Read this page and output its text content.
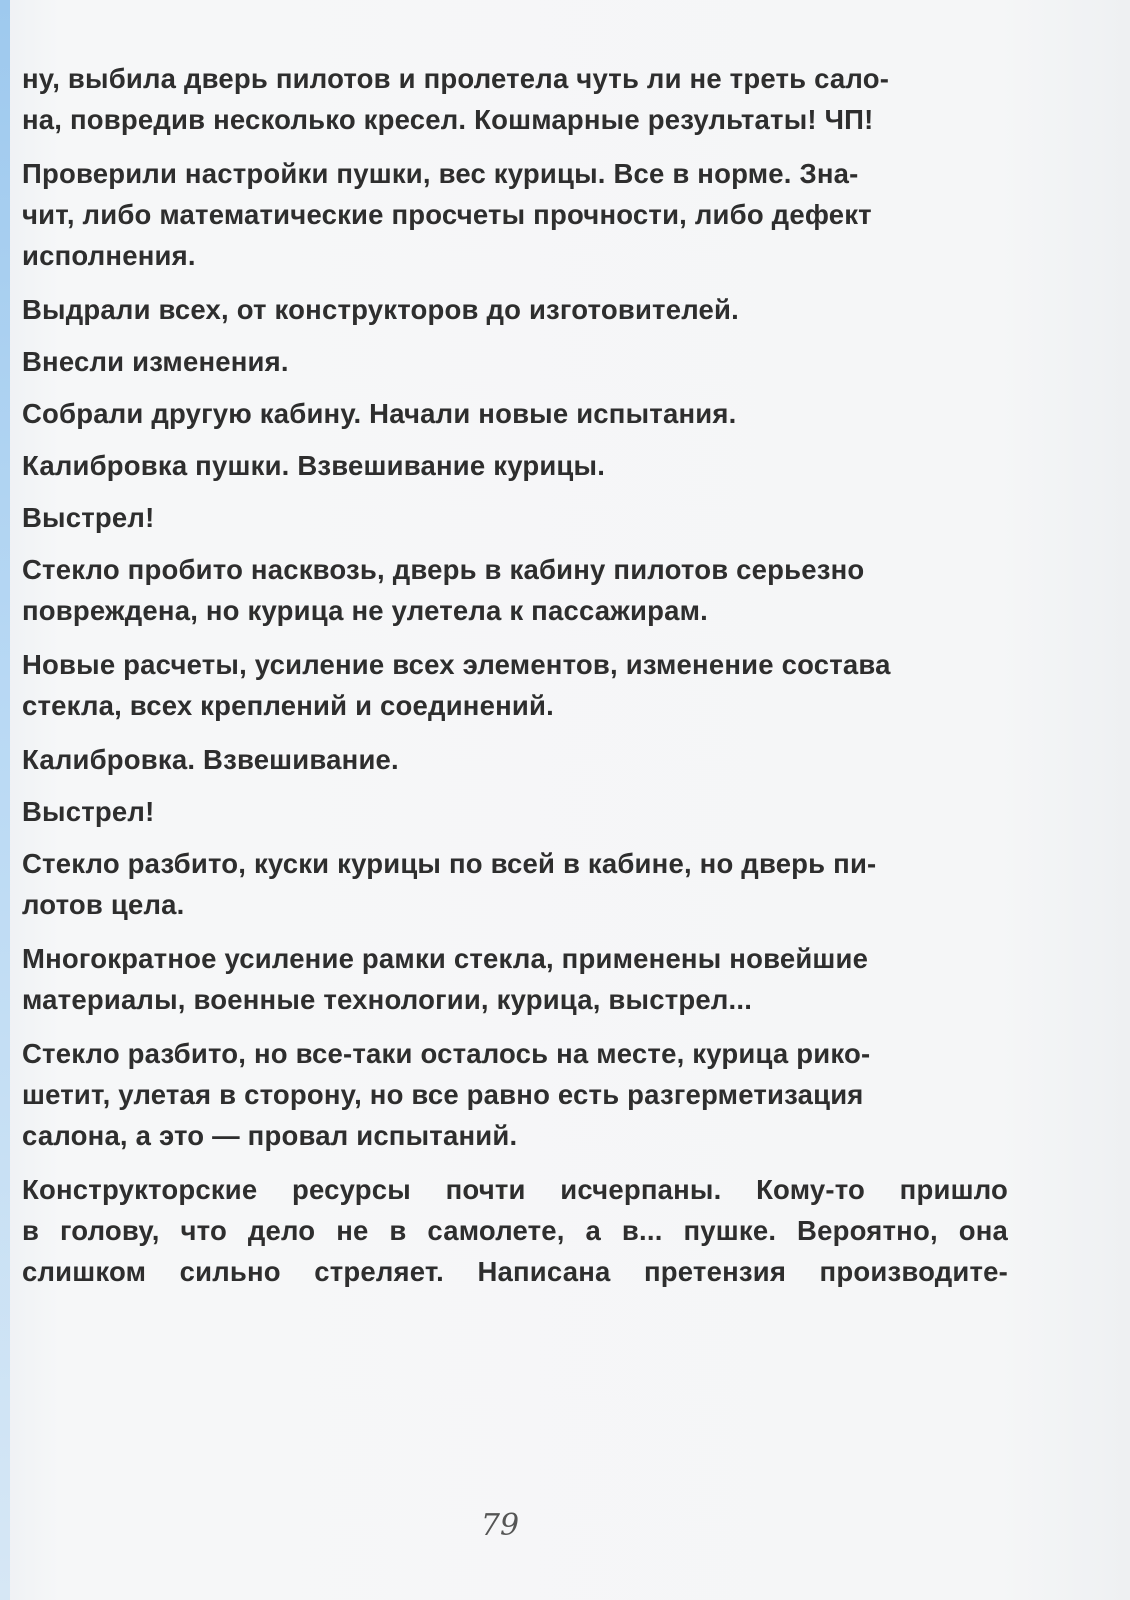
ну, выбила дверь пилотов и пролетела чуть ли не треть сало-
на, повредив несколько кресел. Кошмарные результаты! ЧП!

Проверили настройки пушки, вес курицы. Все в норме. Зна-
чит, либо математические просчеты прочности, либо дефект
исполнения.

Выдрали всех, от конструкторов до изготовителей.

Внесли изменения.

Собрали другую кабину. Начали новые испытания.

Калибровка пушки. Взвешивание курицы.

Выстрел!

Стекло пробито насквозь, дверь в кабину пилотов серьезно
повреждена, но курица не улетела к пассажирам.

Новые расчеты, усиление всех элементов, изменение состава
стекла, всех креплений и соединений.

Калибровка. Взвешивание.

Выстрел!

Стекло разбито, куски курицы по всей в кабине, но дверь пи-
лотов цела.

Многократное усиление рамки стекла, применены новейшие
материалы, военные технологии, курица, выстрел...

Стекло разбито, но все-таки осталось на месте, курица рико-
шетит, улетая в сторону, но все равно есть разгерметизация
салона, а это — провал испытаний.

Конструкторские ресурсы почти исчерпаны. Кому-то пришло
в голову, что дело не в самолете, а в... пушке. Вероятно, она
слишком сильно стреляет. Написана претензия производите-

79
